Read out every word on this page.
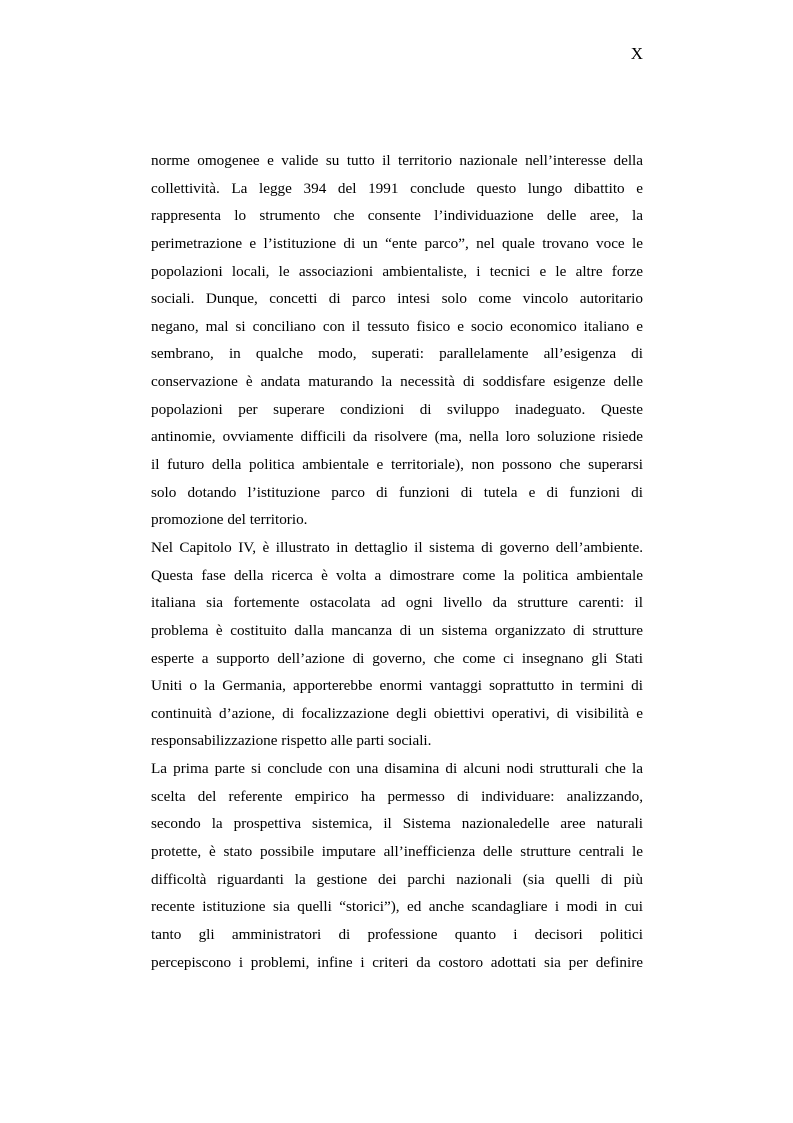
X
norme omogenee e valide su tutto il territorio nazionale nell’interesse della
collettività. La legge 394 del 1991 conclude questo lungo dibattito e
rappresenta lo strumento che consente l’individuazione delle aree, la
perimetrazione e l’istituzione di un “ente parco”, nel quale trovano voce le
popolazioni locali, le associazioni ambientaliste, i tecnici e le altre forze
sociali. Dunque, concetti di parco intesi solo come vincolo autoritario
negano, mal si conciliano con il tessuto fisico e socio economico italiano e
sembrano, in qualche modo, superati: parallelamente all’esigenza di
conservazione è andata maturando la necessità di soddisfare esigenze delle
popolazioni per superare condizioni di sviluppo inadeguato. Queste
antinomie, ovviamente difficili da risolvere (ma, nella loro soluzione risiede
il futuro della politica ambientale e territoriale), non possono che superarsi
solo dotando l’istituzione parco di funzioni di tutela e di funzioni di
promozione del territorio.
Nel Capitolo IV, è illustrato in dettaglio il sistema di governo dell’ambiente.
Questa fase della ricerca è volta a dimostrare come la politica ambientale
italiana sia fortemente ostacolata ad ogni livello da strutture carenti: il
problema è costituito dalla mancanza di un sistema organizzato di strutture
esperte a supporto dell’azione di governo, che come ci insegnano gli Stati
Uniti o la Germania, apporterebbe enormi vantaggi soprattutto in termini di
continuità d’azione, di focalizzazione degli obiettivi operativi, di visibilità e
responsabilizzazione rispetto alle parti sociali.
La prima parte si conclude con una disamina di alcuni nodi strutturali che la
scelta del referente empirico ha permesso di individuare: analizzando,
secondo la prospettiva sistemica, il Sistema nazionaledelle aree naturali
protette, è stato possibile imputare all’inefficienza delle strutture centrali le
difficoltà riguardanti la gestione dei parchi nazionali (sia quelli di più
recente istituzione sia quelli “storici”), ed anche scandagliare i modi in cui
tanto gli amministratori di professione quanto i decisori politici
percepiscono i problemi, infine i criteri da costoro adottati sia per definire
